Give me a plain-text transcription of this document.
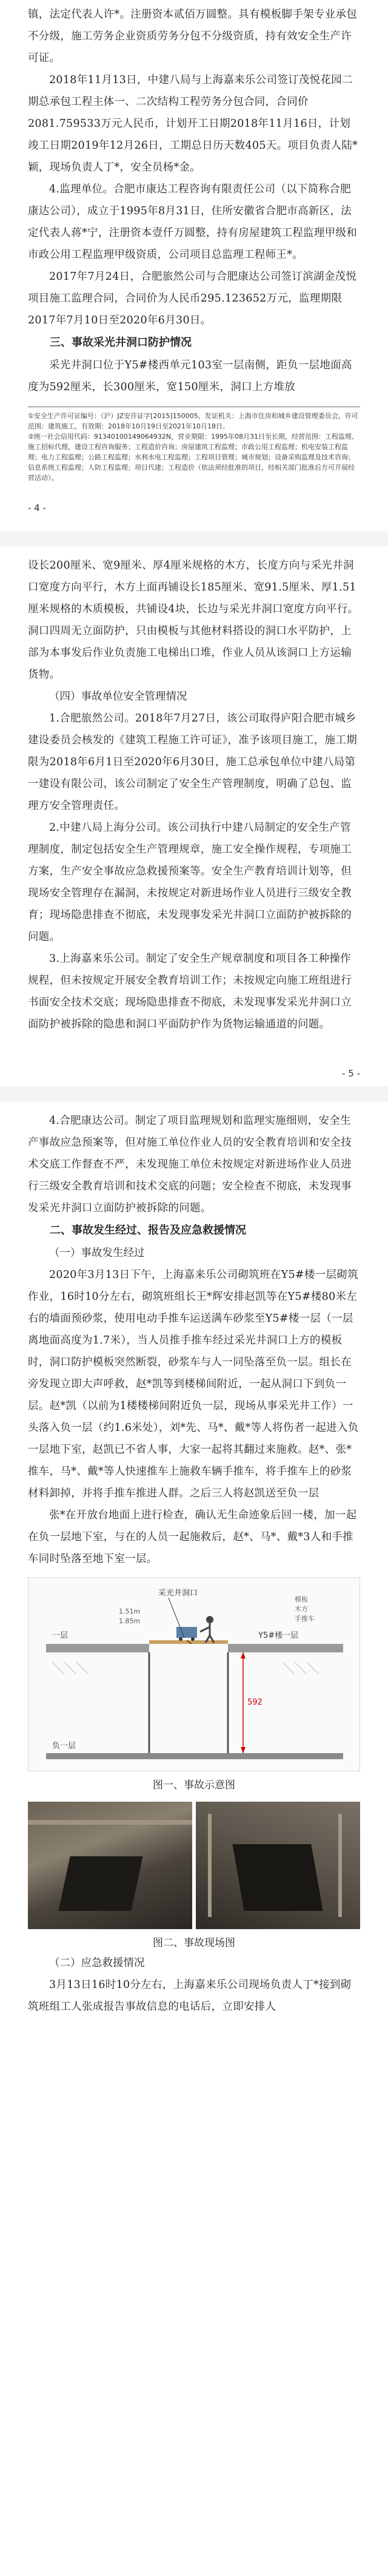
镇，法定代表人许*。注册资本贰佰万圆整。具有模板脚手架专业承包不分级，施工劳务企业资质劳务分包不分级资质，持有效安全生产许可证。

2018年11月13日，中建八局与上海嘉来乐公司签订茂悦花园二期总承包工程主体一、二次结构工程劳务分包合同，合同价2081.759533万元人民币，计划开工日期2018年11月16日，计划竣工日期2019年12月26日，工期总日历天数405天。项目负责人陆*颖，现场负责人丁*，安全员杨*金。

4.监理单位。合肥市康达工程咨询有限责任公司（以下简称合肥康达公司），成立于1995年8月31日，住所安徽省合肥市高新区，法定代表人蒋*宁，注册资本壹仟万圆整，持有房屋建筑工程监理甲级和市政公用工程监理甲级资质，公司项目总监理工程师王*。

2017年7月24日，合肥旅然公司与合肥康达公司签订滨湖金茂悦项目施工监理合同，合同价为人民币295.123652万元，监理期限2017年7月10日至2020年6月30日。

三、事故采光井洞口防护情况

采光井洞口位于Y5#楼西单元103室一层南侧，距负一层地面高度为592厘米，长300厘米，宽150厘米，洞口上方堆放

①安全生产许可证编号：（沪）JZ安许证字[2015]150005，发证机关：上海市住房和城乡建设管理委员会，许可范围：建筑施工，有效期：2018年10月19日至2021年10月18日。

②统一社会信用代码：91340100149064932N，营业期限：1995年08月31日至长期，经营范围：工程监理、施工招标代理，建设工程咨询服务；工程造价咨询；房屋建筑工程监理；市政公用工程监理；机电安装工程监理；电力工程监理；公路工程监理；水利水电工程监理；工程项目管理；城市规划；设备采购监理及技术咨询；信息系统工程监理；人防工程监理；项目代建；工程造价（依法须经批准的项目，经相关部门批准后方可开展经营活动）。

- 4 -

设长200厘米、宽9厘米、厚4厘米规格的木方，长度方向与采光井洞口宽度方向平行，木方上面再铺设长185厘米、宽91.5厘米、厚1.51厘米规格的木质模板，共铺设4块，长边与采光井洞口宽度方向平行。洞口四周无立面防护，只由模板与其他材料搭设的洞口水平防护，上部为本事发后作业负责施工电梯出口堆，作业人员从该洞口上方运输货物。

（四）事故单位安全管理情况

1.合肥旅然公司。2018年7月27日，该公司取得庐阳合肥市城乡建设委员会核发的《建筑工程施工许可证》，准予该项目施工，施工期限为2018年6月1日至2020年6月30日，施工总承包单位中建八局第一建设有限公司，该公司制定了安全生产管理制度，明确了总包、监理方安全管理责任。

2.中建八局上海分公司。该公司执行中建八局制定的安全生产管理制度，制定包括安全生产管理规章，施工安全操作规程，专项施工方案，生产安全事故应急救援预案等。安全生产教育培训计划等，但现场安全管理存在漏洞，未按规定对新进场作业人员进行三级安全教育；现场隐患排查不彻底，未发现事发采光井洞口立面防护被拆除的问题。

3.上海嘉来乐公司。制定了安全生产规章制度和项目各工种操作规程，但未按规定开展安全教育培训工作；未按规定向施工班组进行书面安全技术交底；现场隐患排查不彻底，未发现事发采光井洞口立面防护被拆除的隐患和洞口平面防护作为货物运输通道的问题。

- 5 -

4.合肥康达公司。制定了项目监理规划和监理实施细则，安全生产事故应急预案等，但对施工单位作业人员的安全教育培训和安全技术交底工作督查不严，未发现施工单位未按规定对新进场作业人员进行三级安全教育培训和技术交底的问题；安全检查不彻底，未发现事发采光井洞口立面防护被拆除的问题。

二、事故发生经过、报告及应急救援情况

（一）事故发生经过

2020年3月13日下午，上海嘉来乐公司砌筑班在Y5#楼一层砌筑作业，16时10分左右，砌筑班组长王*辉安排赵凯等在Y5#楼80米左右的墙面预砂浆，使用电动手推车运送满车砂浆至Y5#楼一层（一层离地面高度为1.7米），当人员推手推车经过采光井洞口上方的模板时，洞口防护模板突然断裂，砂浆车与人一同坠落至负一层。组长在旁发现立即大声呼救，赵*凯等到楼梯间附近，一起从洞口下到负一层。赵*凯（以前为1楼楼梯间附近负一层，现场从事采光井工作）一头落入负一层（约1.6米处），刘*先、马*、戴*等人将伤者一起进入负一层地下室，赵凯已不省人事，大家一起将其翻过来施救。赵*、张*推车，马*、戴*等人快速推车上施救车辆手推车，将手推车上的砂浆材料卸掉，并将手推车推进人群。之后三人将赵凯送至负一层

张*在开放台地面上进行检查，确认无生命迹象后回一楼，加一起在负一层地下室，与在的人员一起施救后，赵*、马*、戴*3人和手推车同时坠落至地下室一层。

一层
负一层
采光井洞口
Y5#楼一层
592
1.51m
1.85m
模板
木方
手推车

图一、事故示意图

图二、事故现场图

（二）应急救援情况

3月13日16时10分左右，上海嘉来乐公司现场负责人丁*接到砌筑班组工人张成报告事故信息的电话后，立即安排人
